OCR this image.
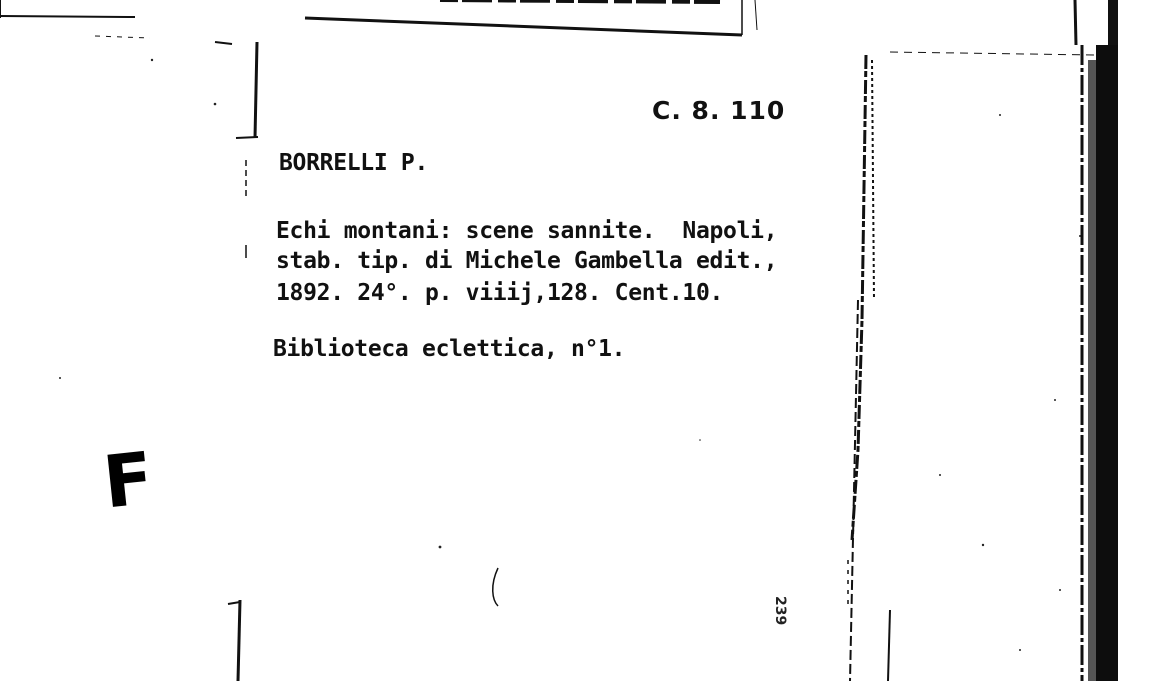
C. 8. 110
BORRELLI P.
Echi montani: scene sannite.  Napoli,
stab. tip. di Michele Gambella edit.,
1892. 24°. p. viiij,128. Cent.10.
Biblioteca eclettica, n°1.
F
239
